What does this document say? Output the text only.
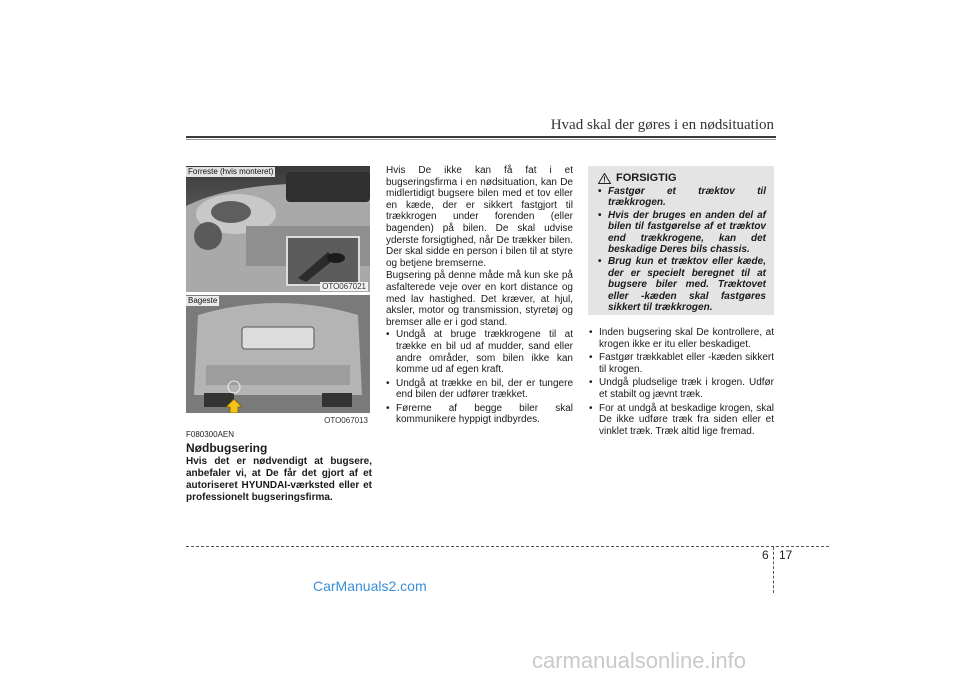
Hvad skal der gøres i en nødsituation
Forreste (hvis monteret)
OTO067021
Bageste
OTO067013
F080300AEN
Nødbugsering
Hvis det er nødvendigt at bugsere, anbefaler vi, at De får det gjort af et autoriseret HYUNDAI-værksted eller et professionelt bugseringsfirma.

Hvis De ikke kan få fat i et bugseringsfirma i en nødsituation, kan De midlertidigt bugsere bilen med et tov eller en kæde, der er sikkert fastgjort til trækkrogen under forenden (eller bagenden) på bilen. De skal udvise yderste forsigtighed, når De trækker bilen. Der skal sidde en person i bilen til at styre og betjene bremserne.

Bugsering på denne måde må kun ske på asfalterede veje over en kort distance og med lav hastighed. Det kræver, at hjul, aksler, motor og transmission, styretøj og bremser alle er i god stand.

• Undgå at bruge trækkrogene til at trække en bil ud af mudder, sand eller andre områder, som bilen ikke kan komme ud af egen kraft.
• Undgå at trække en bil, der er tungere end bilen der udfører trækket.
• Førerne af begge biler skal kommunikere hyppigt indbyrdes.
FORSIGTIG
• Fastgør et træktov til trækkrogen.
• Hvis der bruges en anden del af bilen til fastgørelse af et træktov end trækkrogene, kan det beskadige Deres bils chassis.
• Brug kun et træktov eller kæde, der er specielt beregnet til at bugsere biler med. Træktovet eller -kæden skal fastgøres sikkert til trækkrogen.
• Inden bugsering skal De kontrollere, at krogen ikke er itu eller beskadiget.
• Fastgør trækkablet eller -kæden sikkert til krogen.
• Undgå pludselige træk i krogen. Udfør et stabilt og jævnt træk.
• For at undgå at beskadige krogen, skal De ikke udføre træk fra siden eller et vinklet træk. Træk altid lige fremad.
6 17
CarManuals2.com
carmanualsonline.info
